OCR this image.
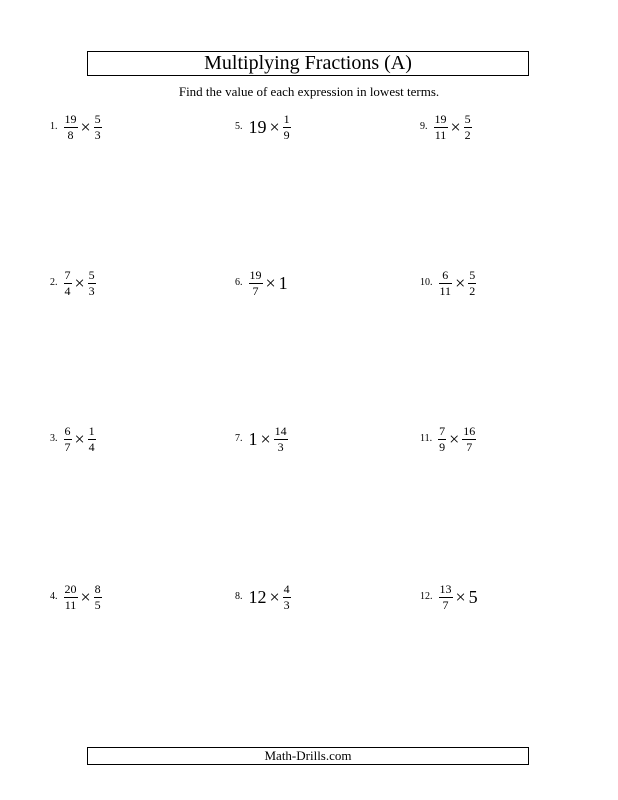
Multiplying Fractions (A)
Find the value of each expression in lowest terms.
1. $\frac{19}{8} \times \frac{5}{3}$
2. $\frac{7}{4} \times \frac{5}{3}$
3. $\frac{6}{7} \times \frac{1}{4}$
4. $\frac{20}{11} \times \frac{8}{5}$
5. $19 \times \frac{1}{9}$
6. $\frac{19}{7} \times 1$
7. $1 \times \frac{14}{3}$
8. $12 \times \frac{4}{3}$
9. $\frac{19}{11} \times \frac{5}{2}$
10. $\frac{6}{11} \times \frac{5}{2}$
11. $\frac{7}{9} \times \frac{16}{7}$
12. $\frac{13}{7} \times 5$
Math-Drills.com
